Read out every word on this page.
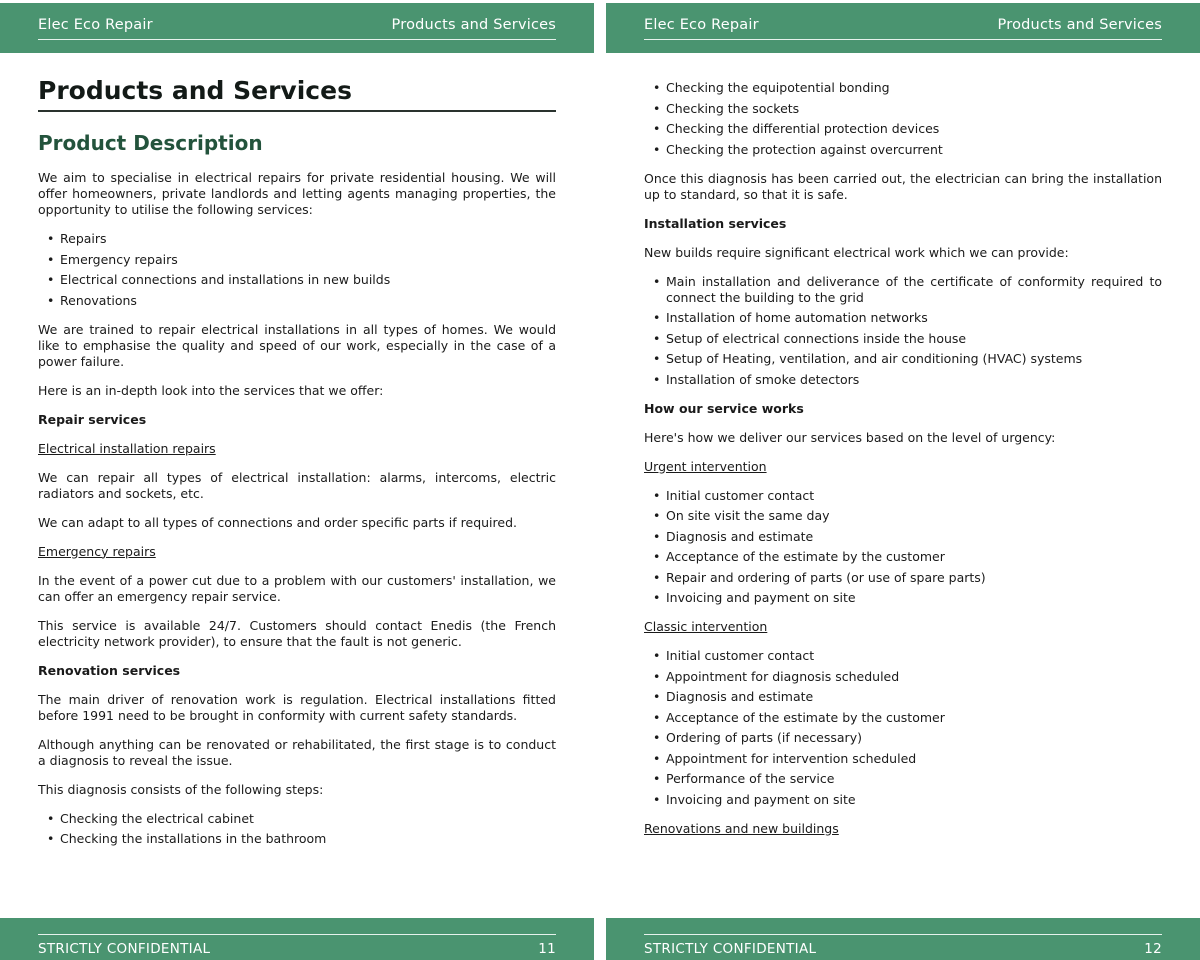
Elec Eco Repair	Products and Services
Products and Services
Product Description

We aim to specialise in electrical repairs for private residential housing. We will offer homeowners, private landlords and letting agents managing properties, the opportunity to utilise the following services:

• Repairs
• Emergency repairs
• Electrical connections and installations in new builds
• Renovations

We are trained to repair electrical installations in all types of homes. We would like to emphasise the quality and speed of our work, especially in the case of a power failure.

Here is an in-depth look into the services that we offer:

Repair services

Electrical installation repairs

We can repair all types of electrical installation: alarms, intercoms, electric radiators and sockets, etc.

We can adapt to all types of connections and order specific parts if required.

Emergency repairs

In the event of a power cut due to a problem with our customers' installation, we can offer an emergency repair service.

This service is available 24/7. Customers should contact Enedis (the French electricity network provider), to ensure that the fault is not generic.

Renovation services

The main driver of renovation work is regulation. Electrical installations fitted before 1991 need to be brought in conformity with current safety standards.

Although anything can be renovated or rehabilitated, the first stage is to conduct a diagnosis to reveal the issue.

This diagnosis consists of the following steps:

• Checking the electrical cabinet
• Checking the installations in the bathroom
STRICTLY CONFIDENTIAL	11
Elec Eco Repair	Products and Services
• Checking the equipotential bonding
• Checking the sockets
• Checking the differential protection devices
• Checking the protection against overcurrent

Once this diagnosis has been carried out, the electrician can bring the installation up to standard, so that it is safe.

Installation services

New builds require significant electrical work which we can provide:

• Main installation and deliverance of the certificate of conformity required to connect the building to the grid
• Installation of home automation networks
• Setup of electrical connections inside the house
• Setup of Heating, ventilation, and air conditioning (HVAC) systems
• Installation of smoke detectors

How our service works

Here's how we deliver our services based on the level of urgency:

Urgent intervention

• Initial customer contact
• On site visit the same day
• Diagnosis and estimate
• Acceptance of the estimate by the customer
• Repair and ordering of parts (or use of spare parts)
• Invoicing and payment on site

Classic intervention

• Initial customer contact
• Appointment for diagnosis scheduled
• Diagnosis and estimate
• Acceptance of the estimate by the customer
• Ordering of parts (if necessary)
• Appointment for intervention scheduled
• Performance of the service
• Invoicing and payment on site

Renovations and new buildings

STRICTLY CONFIDENTIAL	12
